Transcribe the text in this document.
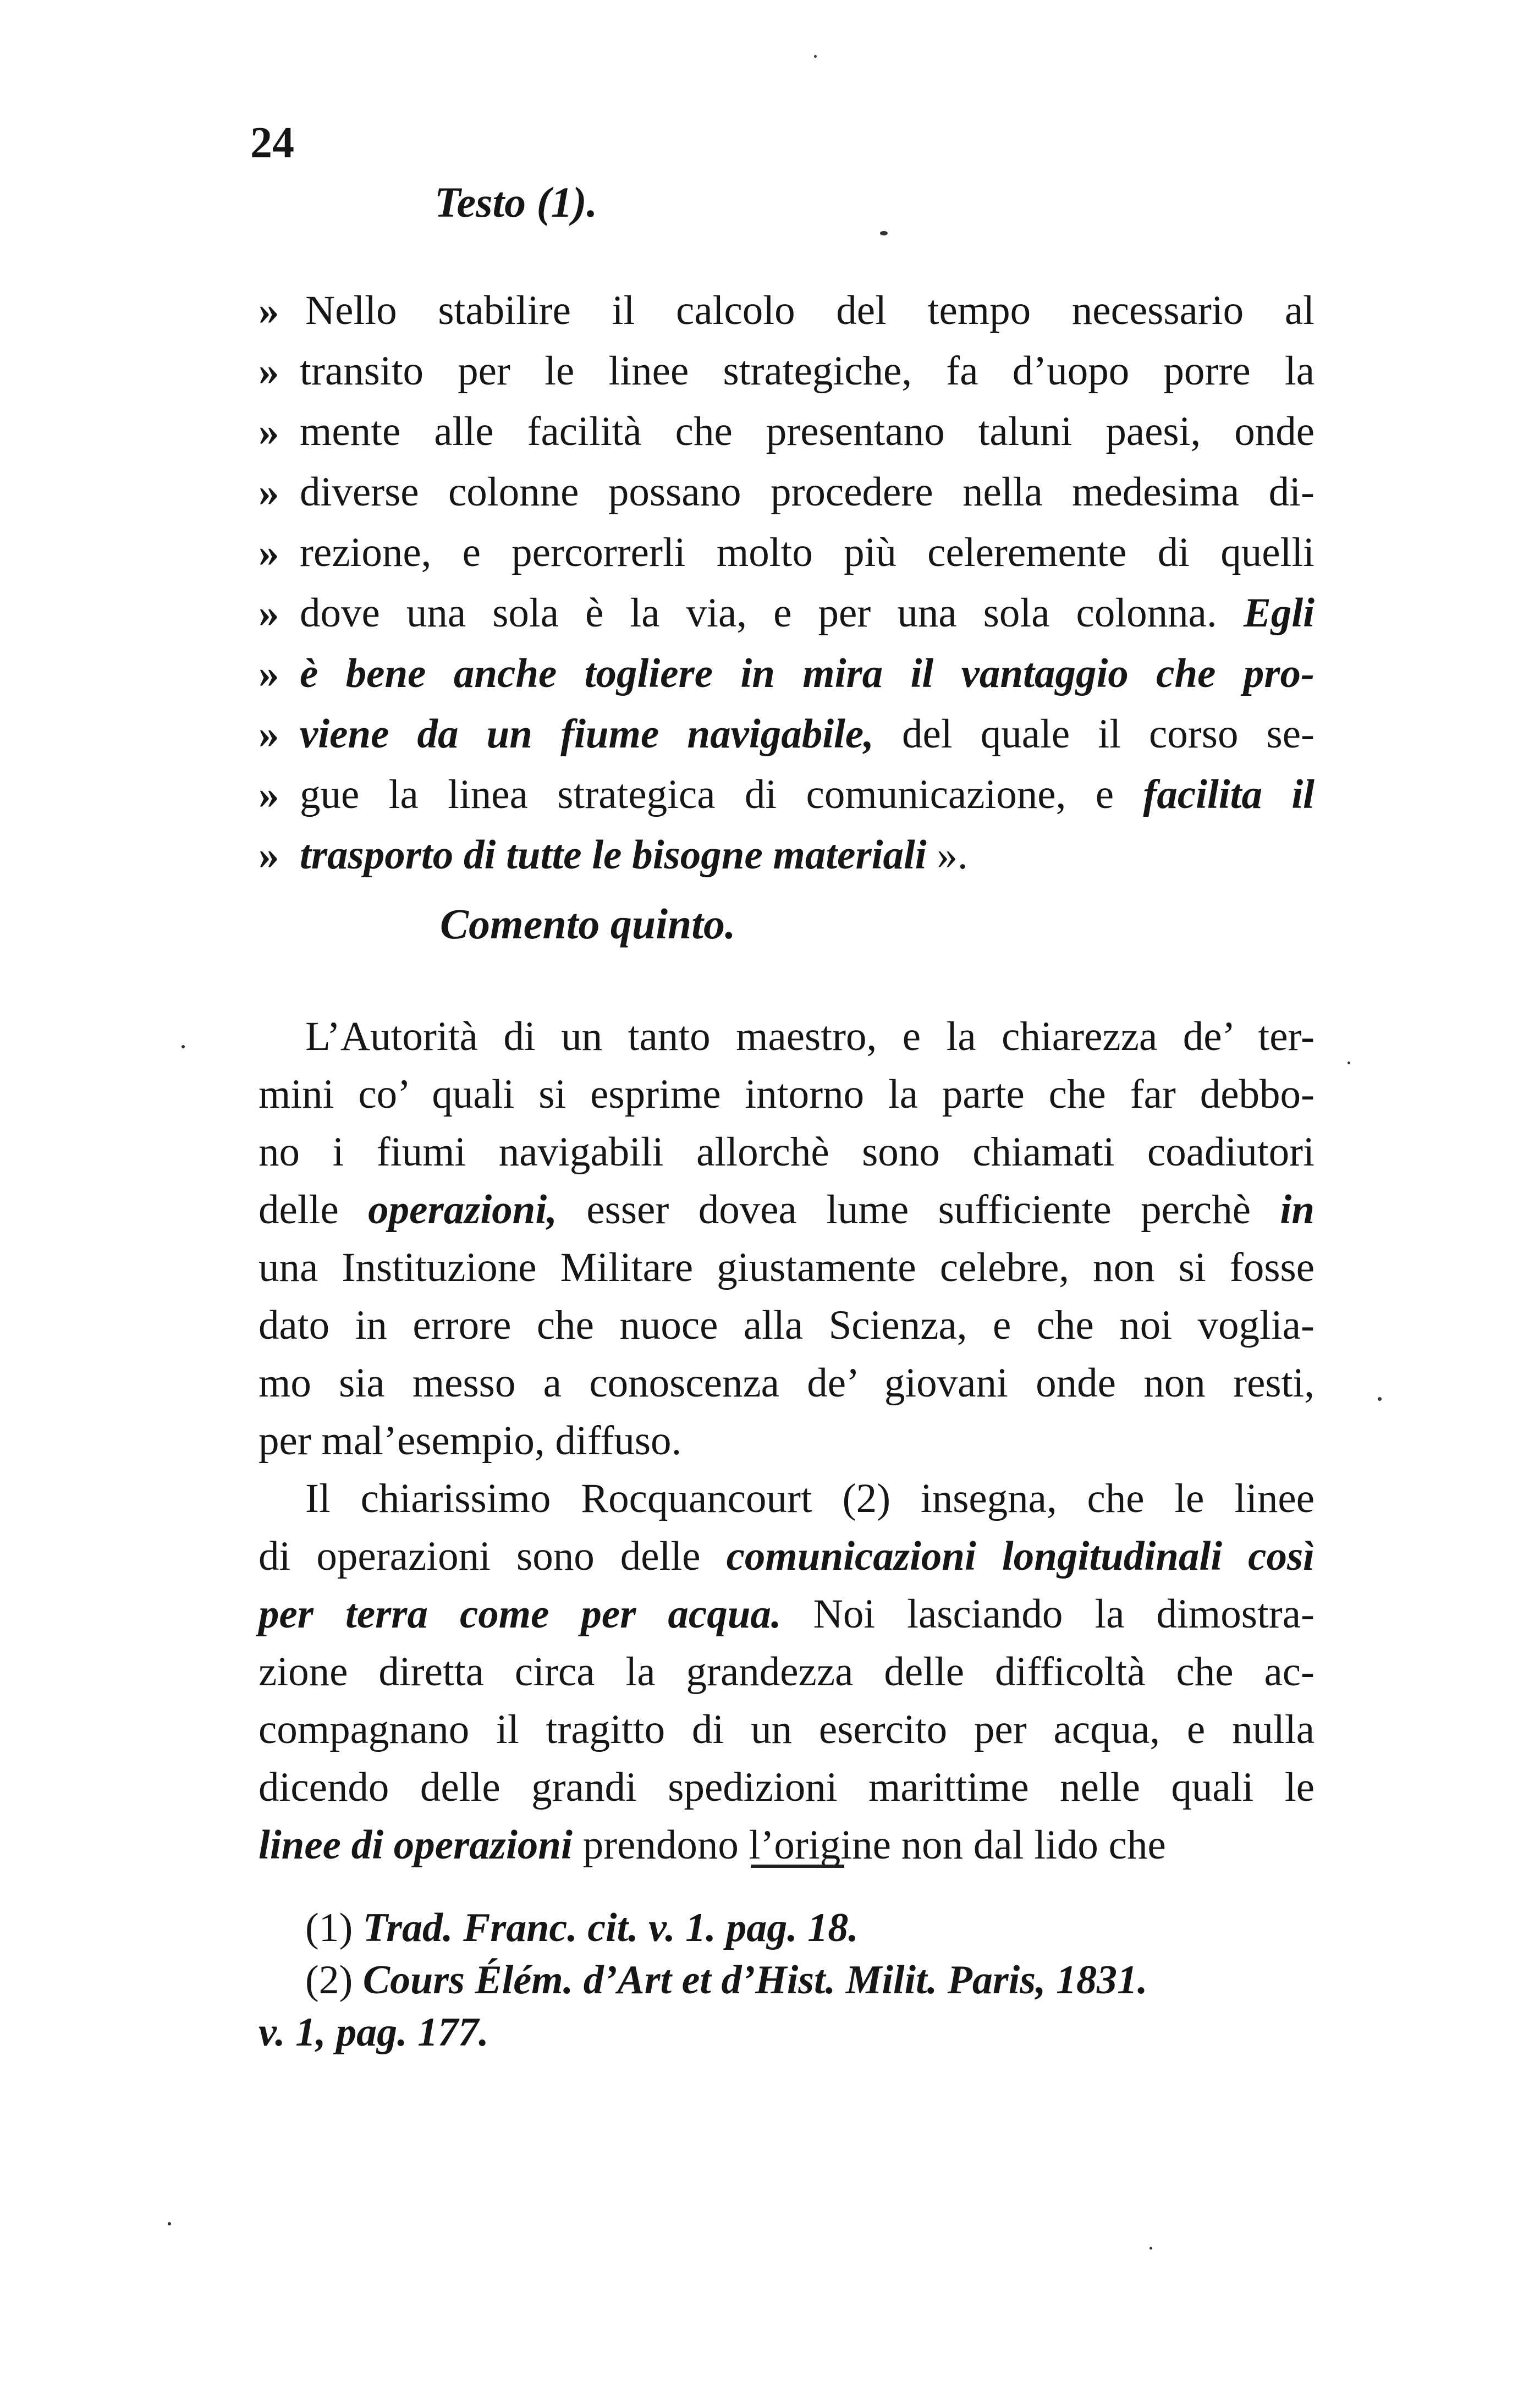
24
Testo (1).
» Nello stabilire il calcolo del tempo necessario al
» transito per le linee strategiche, fa d’uopo porre la
» mente alle facilità che presentano taluni paesi, onde
» diverse colonne possano procedere nella medesima di-
» rezione, e percorrerli molto più celeremente di quelli
» dove una sola è la via, e per una sola colonna. Egli
» è bene anche togliere in mira il vantaggio che pro-
» viene da un fiume navigabile, del quale il corso se-
» gue la linea strategica di comunicazione, e facilita il
» trasporto di tutte le bisogne materiali ».
Comento quinto.
L’Autorità di un tanto maestro, e la chiarezza de’ ter-
mini co’ quali si esprime intorno la parte che far debbo-
no i fiumi navigabili allorchè sono chiamati coadiutori
delle operazioni, esser dovea lume sufficiente perchè in
una Instituzione Militare giustamente celebre, non si fosse
dato in errore che nuoce alla Scienza, e che noi voglia-
mo sia messo a conoscenza de’ giovani onde non resti,
per mal’esempio, diffuso.
Il chiarissimo Rocquancourt (2) insegna, che le linee
di operazioni sono delle comunicazioni longitudinali così
per terra come per acqua. Noi lasciando la dimostra-
zione diretta circa la grandezza delle difficoltà che ac-
compagnano il tragitto di un esercito per acqua, e nulla
dicendo delle grandi spedizioni marittime nelle quali le
linee di operazioni prendono l’origine non dal lido che
(1) Trad. Franc. cit. v. 1. pag. 18.
(2) Cours Élém. d’Art et d’Hist. Milit. Paris, 1831.
v. 1, pag. 177.
